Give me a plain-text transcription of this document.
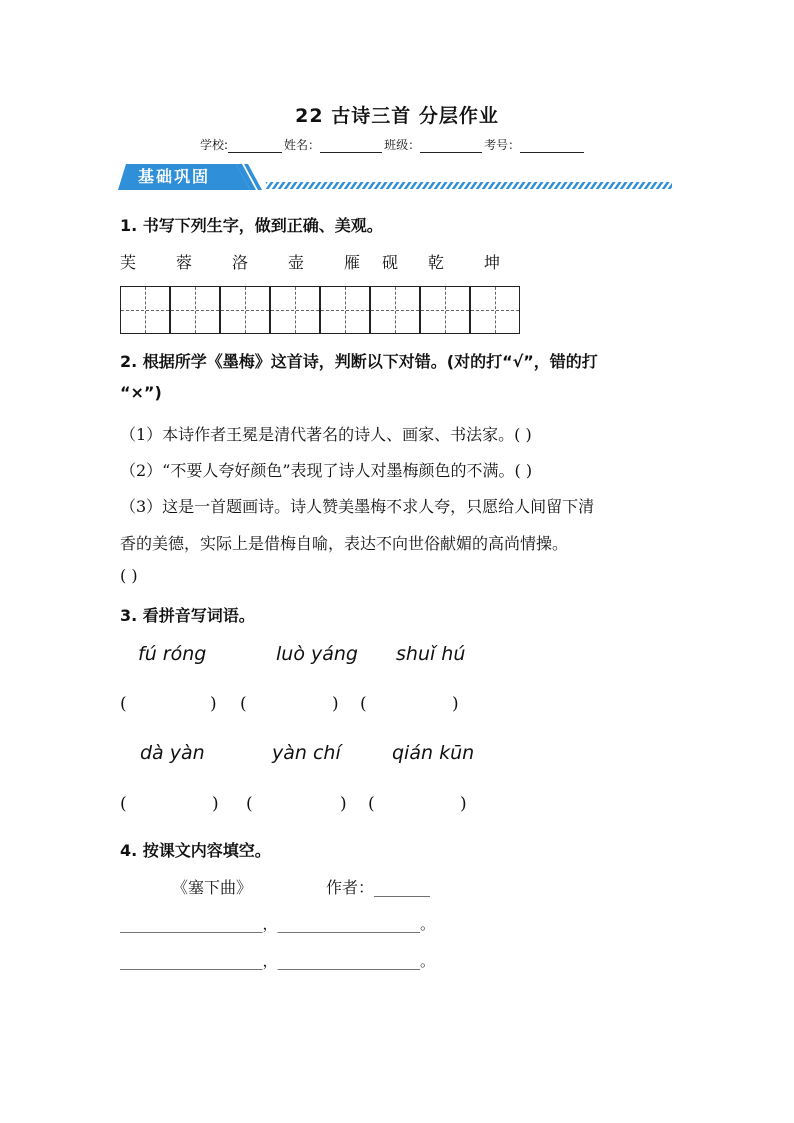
22 古诗三首 分层作业
学校:	姓名：	班级：	考号：
基础巩固
1. 书写下列生字，做到正确、美观。
芙 蓉 洛 壶 雁 砚 乾 坤
2. 根据所学《墨梅》这首诗，判断以下对错。(对的打“√”，错的打
“×”)
（1）本诗作者王冕是清代著名的诗人、画家、书法家。( )
（2）“不要人夸好颜色”表现了诗人对墨梅颜色的不满。( )
（3）这是一首题画诗。诗人赞美墨梅不求人夸，只愿给人间留下清
香的美德，实际上是借梅自喻，表达不向世俗献媚的高尚情操。
( )
3. 看拼音写词语。
fú róng	luò yáng shuǐ hú
(	) (	) (	)
dà yàn	yàn chí	qián kūn
(	) (	) (	)
4. 按课文内容填空。
《塞下曲》	作者：_______
___________________，___________________。
___________________，___________________。
